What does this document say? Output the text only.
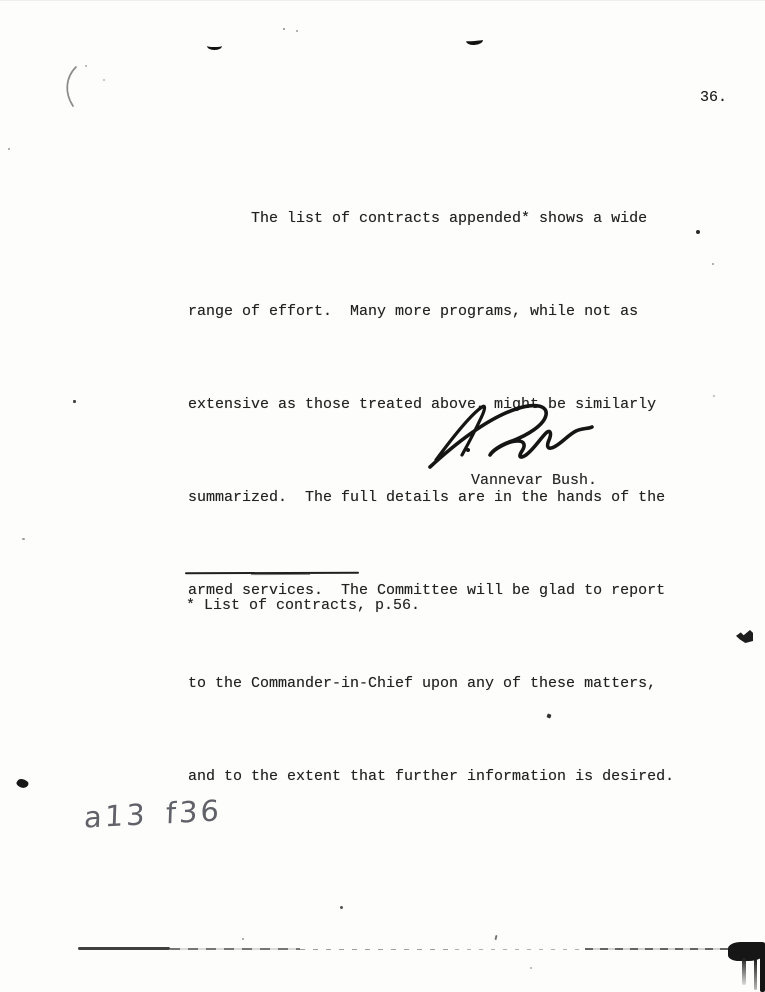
36.

The list of contracts appended* shows a wide

range of effort.  Many more programs, while not as

extensive as those treated above, might be similarly

summarized.  The full details are in the hands of the

armed services.  The Committee will be glad to report

to the Commander-in-Chief upon any of these matters,

and to the extent that further information is desired.

Vannevar Bush.
* List of contracts, p.56.
a13 f36
